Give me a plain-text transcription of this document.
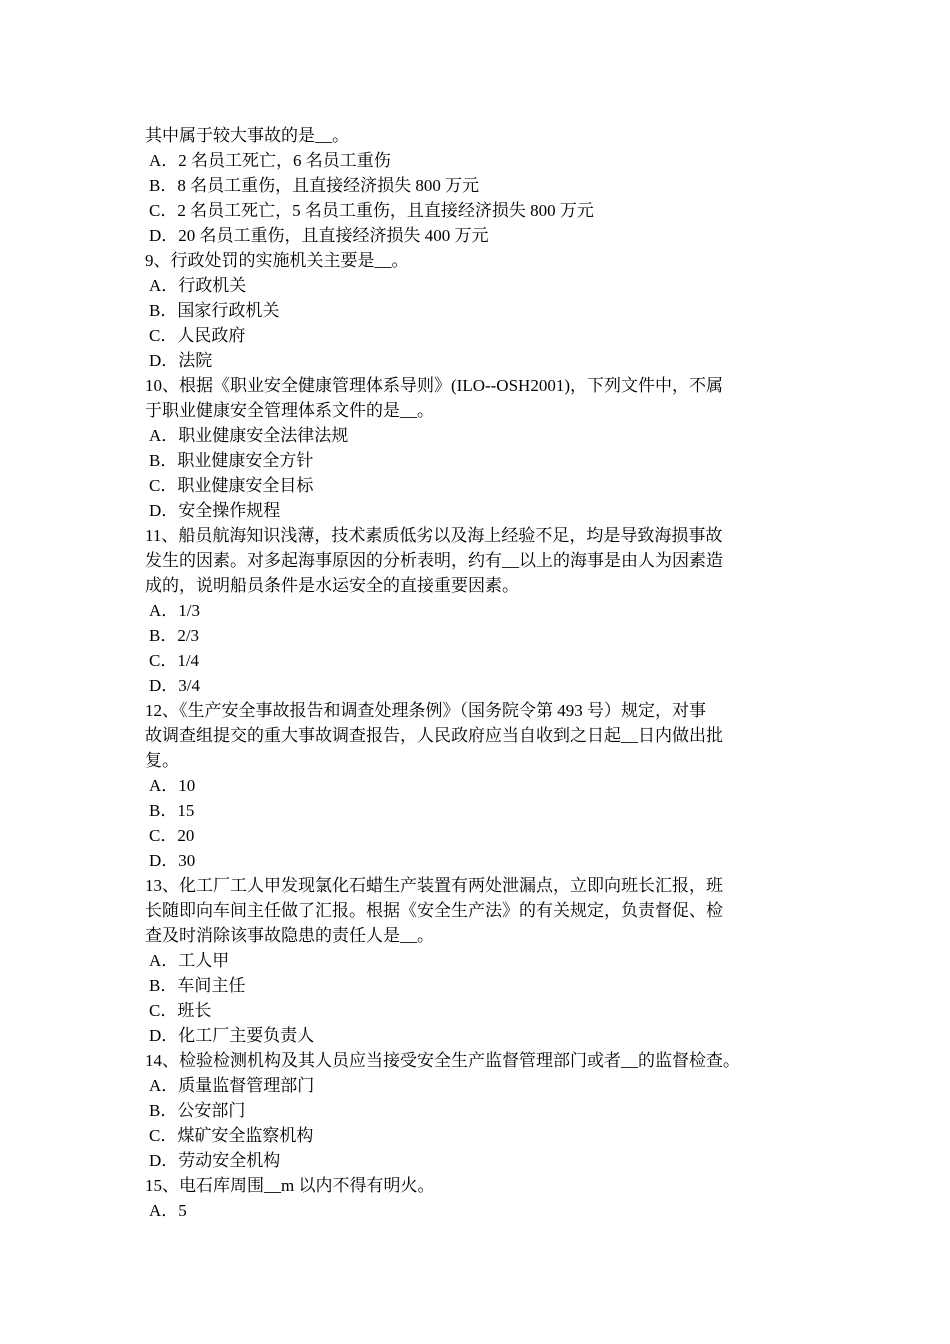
其中属于较大事故的是__。
A．2 名员工死亡，6 名员工重伤
B．8 名员工重伤，且直接经济损失 800 万元
C．2 名员工死亡，5 名员工重伤，且直接经济损失 800 万元
D．20 名员工重伤，且直接经济损失 400 万元
9、行政处罚的实施机关主要是__。
A．行政机关
B．国家行政机关
C．人民政府
D．法院
10、根据《职业安全健康管理体系导则》(ILO--OSH2001)，下列文件中，不属
于职业健康安全管理体系文件的是__。
A．职业健康安全法律法规
B．职业健康安全方针
C．职业健康安全目标
D．安全操作规程
11、船员航海知识浅薄，技术素质低劣以及海上经验不足，均是导致海损事故
发生的因素。对多起海事原因的分析表明，约有__以上的海事是由人为因素造
成的，说明船员条件是水运安全的直接重要因素。
A．1/3
B．2/3
C．1/4
D．3/4
12、《生产安全事故报告和调查处理条例》（国务院令第 493 号）规定，对事
故调查组提交的重大事故调查报告，人民政府应当自收到之日起__日内做出批
复。
A．10
B．15
C．20
D．30
13、化工厂工人甲发现氯化石蜡生产装置有两处泄漏点，立即向班长汇报，班
长随即向车间主任做了汇报。根据《安全生产法》的有关规定，负责督促、检
查及时消除该事故隐患的责任人是__。
A．工人甲
B．车间主任
C．班长
D．化工厂主要负责人
14、检验检测机构及其人员应当接受安全生产监督管理部门或者__的监督检查。
A．质量监督管理部门
B．公安部门
C．煤矿安全监察机构
D．劳动安全机构
15、电石库周围__m 以内不得有明火。
A．5
